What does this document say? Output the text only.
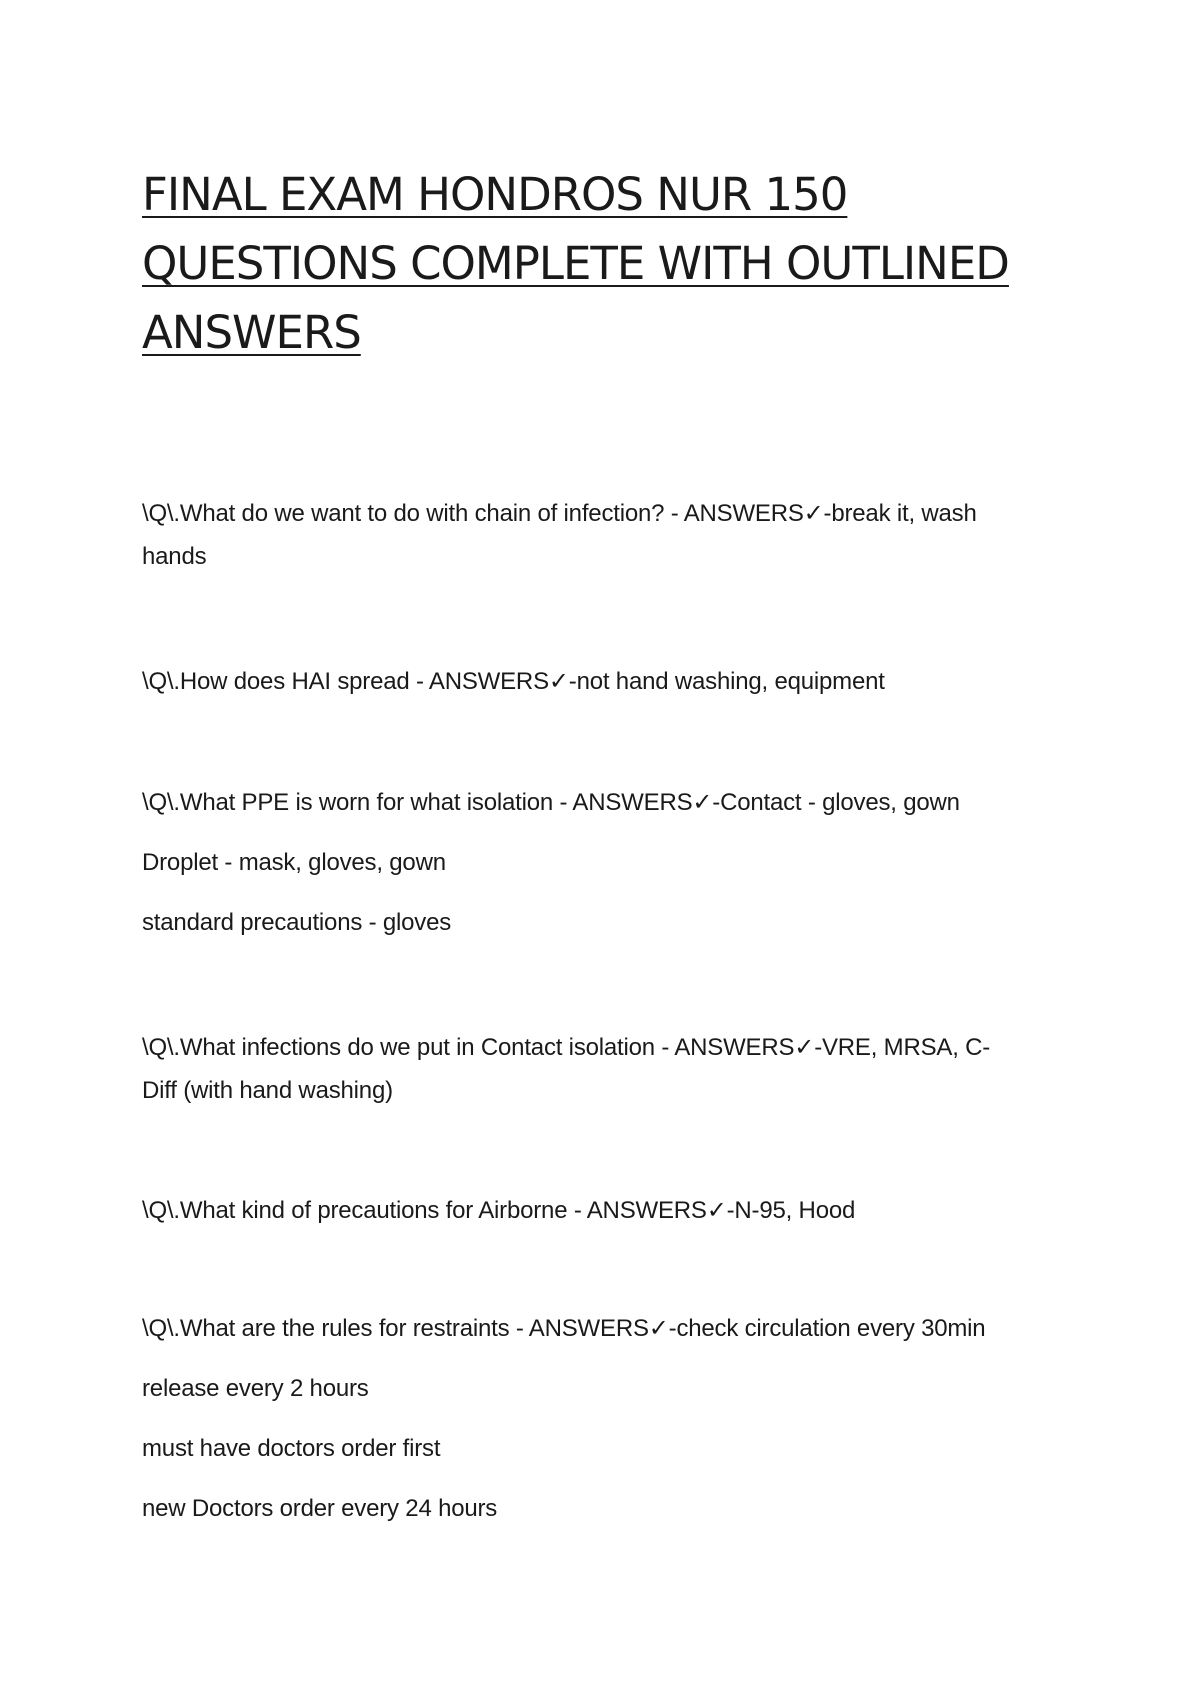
FINAL EXAM HONDROS NUR 150
QUESTIONS COMPLETE WITH OUTLINED
ANSWERS
\Q\.What do we want to do with chain of infection? - ANSWERS✓-break it, wash
hands
\Q\.How does HAI spread - ANSWERS✓-not hand washing, equipment
\Q\.What PPE is worn for what isolation - ANSWERS✓-Contact - gloves, gown
Droplet - mask, gloves, gown
standard precautions - gloves
\Q\.What infections do we put in Contact isolation - ANSWERS✓-VRE, MRSA, C-
Diff (with hand washing)
\Q\.What kind of precautions for Airborne - ANSWERS✓-N-95, Hood
\Q\.What are the rules for restraints - ANSWERS✓-check circulation every 30min
release every 2 hours
must have doctors order first
new Doctors order every 24 hours
